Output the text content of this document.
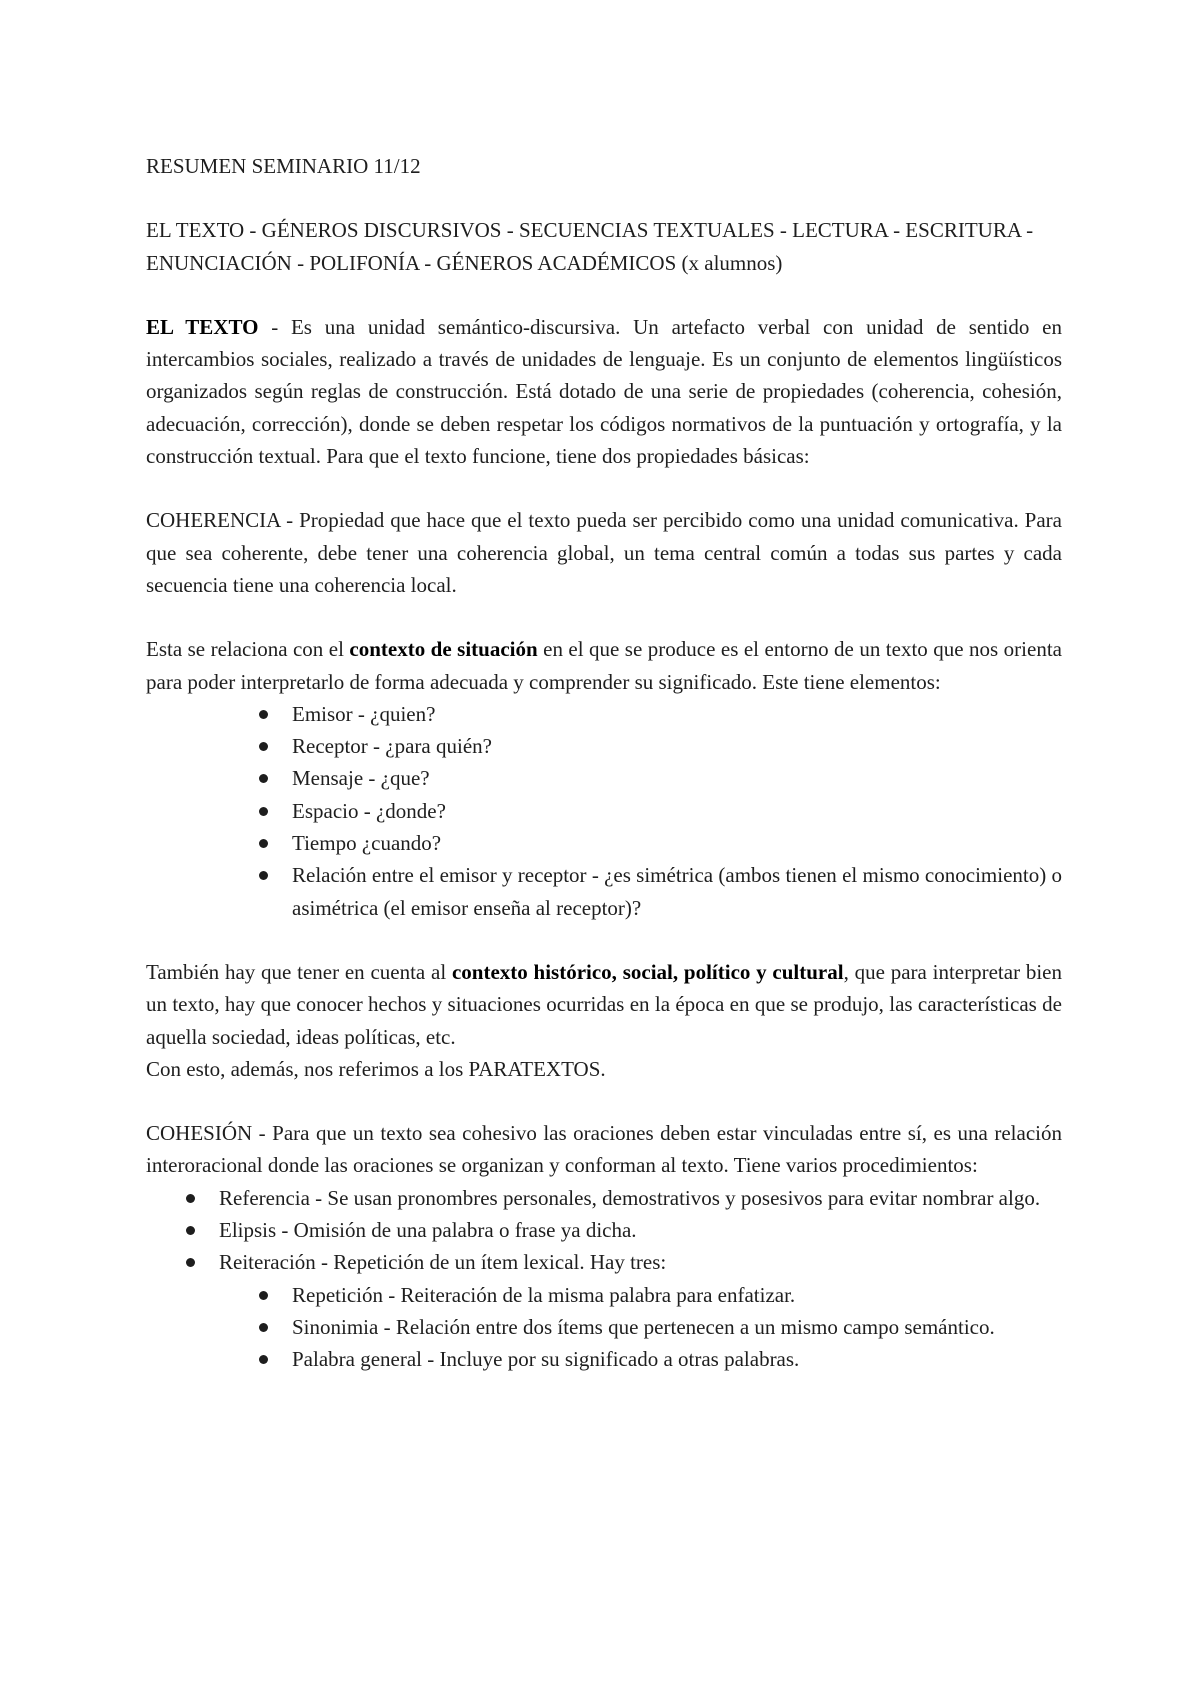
RESUMEN SEMINARIO 11/12

EL TEXTO - GÉNEROS DISCURSIVOS - SECUENCIAS TEXTUALES - LECTURA - ESCRITURA - ENUNCIACIÓN - POLIFONÍA - GÉNEROS ACADÉMICOS (x alumnos)

EL TEXTO - Es una unidad semántico-discursiva. Un artefacto verbal con unidad de sentido en intercambios sociales, realizado a través de unidades de lenguaje. Es un conjunto de elementos lingüísticos organizados según reglas de construcción. Está dotado de una serie de propiedades (coherencia, cohesión, adecuación, corrección), donde se deben respetar los códigos normativos de la puntuación y ortografía, y la construcción textual. Para que el texto funcione, tiene dos propiedades básicas:

COHERENCIA - Propiedad que hace que el texto pueda ser percibido como una unidad comunicativa. Para que sea coherente, debe tener una coherencia global, un tema central común a todas sus partes y cada secuencia tiene una coherencia local.

Esta se relaciona con el contexto de situación en el que se produce es el entorno de un texto que nos orienta para poder interpretarlo de forma adecuada y comprender su significado. Este tiene elementos:

Emisor - ¿quien?
Receptor - ¿para quién?
Mensaje - ¿que?
Espacio - ¿donde?
Tiempo ¿cuando?
Relación entre el emisor y receptor - ¿es simétrica (ambos tienen el mismo conocimiento) o asimétrica (el emisor enseña al receptor)?

También hay que tener en cuenta al contexto histórico, social, político y cultural, que para interpretar bien un texto, hay que conocer hechos y situaciones ocurridas en la época en que se produjo, las características de aquella sociedad, ideas políticas, etc.

Con esto, además, nos referimos a los PARATEXTOS.

COHESIÓN - Para que un texto sea cohesivo las oraciones deben estar vinculadas entre sí, es una relación interoracional donde las oraciones se organizan y conforman al texto. Tiene varios procedimientos:

Referencia - Se usan pronombres personales, demostrativos y posesivos para evitar nombrar algo.
Elipsis - Omisión de una palabra o frase ya dicha.
Reiteración - Repetición de un ítem lexical. Hay tres:
Repetición - Reiteración de la misma palabra para enfatizar.
Sinonimia - Relación entre dos ítems que pertenecen a un mismo campo semántico.
Palabra general - Incluye por su significado a otras palabras.
